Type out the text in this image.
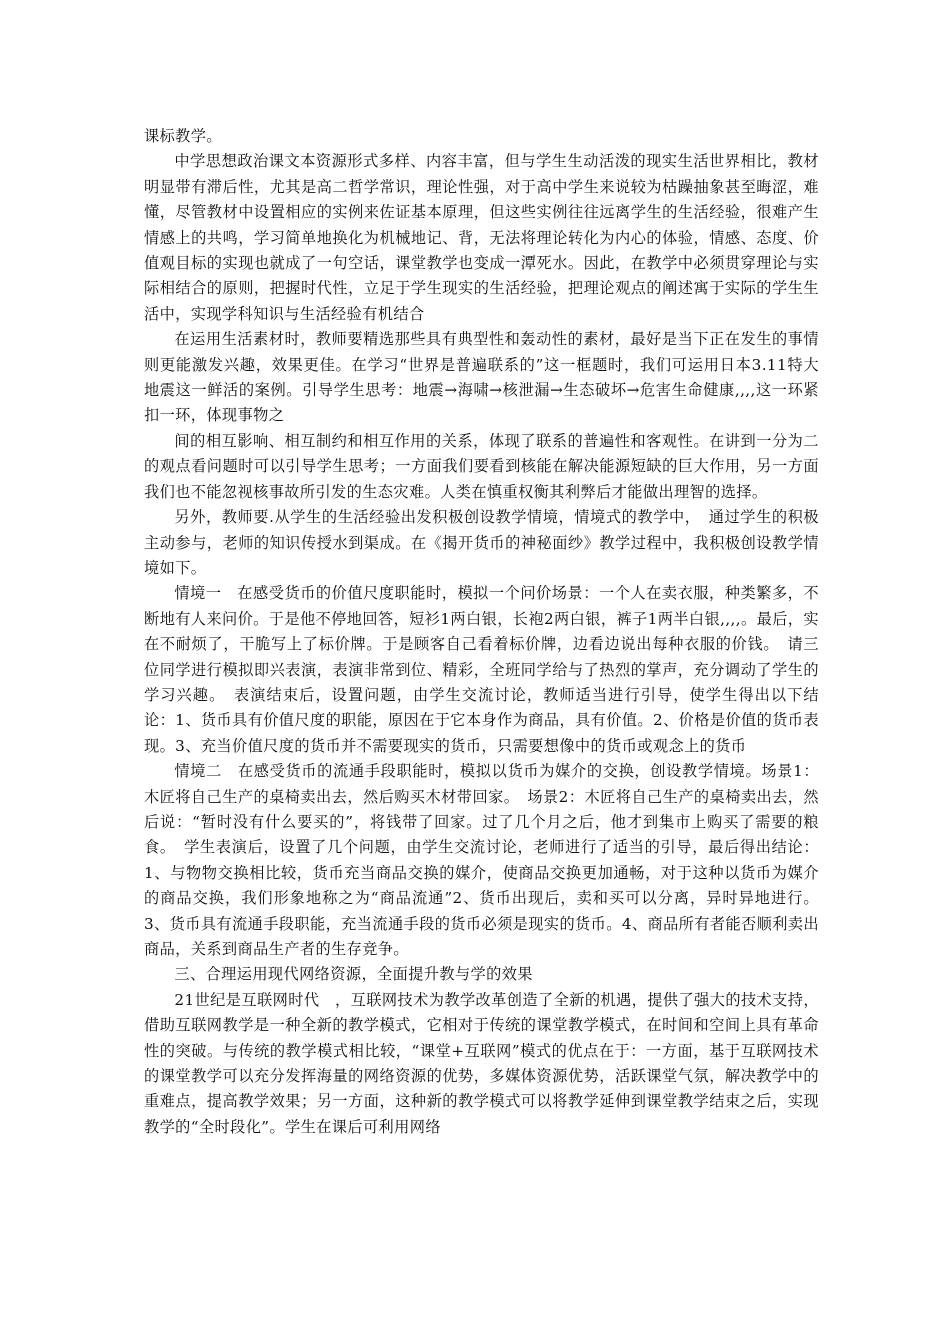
课标教学。

中学思想政治课文本资源形式多样、内容丰富，但与学生生动活泼的现实生活世界相比，教材明显带有滞后性，尤其是高二哲学常识，理论性强，对于高中学生来说较为枯躁抽象甚至晦涩，难懂，尽管教材中设置相应的实例来佐证基本原理，但这些实例往往远离学生的生活经验，很难产生情感上的共鸣，学习简单地换化为机械地记、背，无法将理论转化为内心的体验，情感、态度、价值观目标的实现也就成了一句空话，课堂教学也变成一潭死水。因此，在教学中必须贯穿理论与实际相结合的原则，把握时代性，立足于学生现实的生活经验，把理论观点的阐述寓于实际的学生生活中，实现学科知识与生活经验有机结合

在运用生活素材时，教师要精选那些具有典型性和轰动性的素材，最好是当下正在发生的事情则更能激发兴趣，效果更佳。在学习“世界是普遍联系的”这一框题时，我们可运用日本3.11特大地震这一鲜活的案例。引导学生思考：地震→海啸→核泄漏→生态破坏→危害生命健康,,,,这一环紧扣一环，体现事物之

间的相互影响、相互制约和相互作用的关系，体现了联系的普遍性和客观性。在讲到一分为二的观点看问题时可以引导学生思考；一方面我们要看到核能在解决能源短缺的巨大作用，另一方面我们也不能忽视核事故所引发的生态灾难。人类在慎重权衡其利弊后才能做出理智的选择。

另外，教师要.从学生的生活经验出发积极创设教学情境，情境式的教学中，　通过学生的积极主动参与，老师的知识传授水到渠成。在《揭开货币的神秘面纱》教学过程中，我积极创设教学情境如下。

情境一　在感受货币的价值尺度职能时，模拟一个问价场景：一个人在卖衣服，种类繁多，不断地有人来问价。于是他不停地回答，短衫1两白银，长袍2两白银，裤子1两半白银,,,,。最后，实在不耐烦了，干脆写上了标价牌。于是顾客自己看着标价牌，边看边说出每种衣服的价钱。　请三位同学进行模拟即兴表演，表演非常到位、精彩，全班同学给与了热烈的掌声，充分调动了学生的学习兴趣。　表演结束后，设置问题，由学生交流讨论，教师适当进行引导，使学生得出以下结论：1、货币具有价值尺度的职能，原因在于它本身作为商品，具有价值。2、价格是价值的货币表现。3、充当价值尺度的货币并不需要现实的货币，只需要想像中的货币或观念上的货币

情境二　在感受货币的流通手段职能时，模拟以货币为媒介的交换，创设教学情境。场景1：木匠将自己生产的桌椅卖出去，然后购买木材带回家。　场景2：木匠将自己生产的桌椅卖出去，然后说：“暂时没有什么要买的”，将钱带了回家。过了几个月之后，他才到集市上购买了需要的粮食。　学生表演后，设置了几个问题，由学生交流讨论，老师进行了适当的引导，最后得出结论：1、与物物交换相比较，货币充当商品交换的媒介，使商品交换更加通畅，对于这种以货币为媒介的商品交换，我们形象地称之为“商品流通”2、货币出现后，卖和买可以分离，异时异地进行。3、货币具有流通手段职能，充当流通手段的货币必须是现实的货币。4、商品所有者能否顺利卖出商品，关系到商品生产者的生存竞争。

三、合理运用现代网络资源，全面提升教与学的效果

21世纪是互联网时代　，互联网技术为教学改革创造了全新的机遇，提供了强大的技术支持，借助互联网教学是一种全新的教学模式，它相对于传统的课堂教学模式，在时间和空间上具有革命性的突破。与传统的教学模式相比较，“课堂+互联网”模式的优点在于：一方面，基于互联网技术的课堂教学可以充分发挥海量的网络资源的优势，多媒体资源优势，活跃课堂气氛，解决教学中的重难点，提高教学效果；另一方面，这种新的教学模式可以将教学延伸到课堂教学结束之后，实现教学的“全时段化”。学生在课后可利用网络
